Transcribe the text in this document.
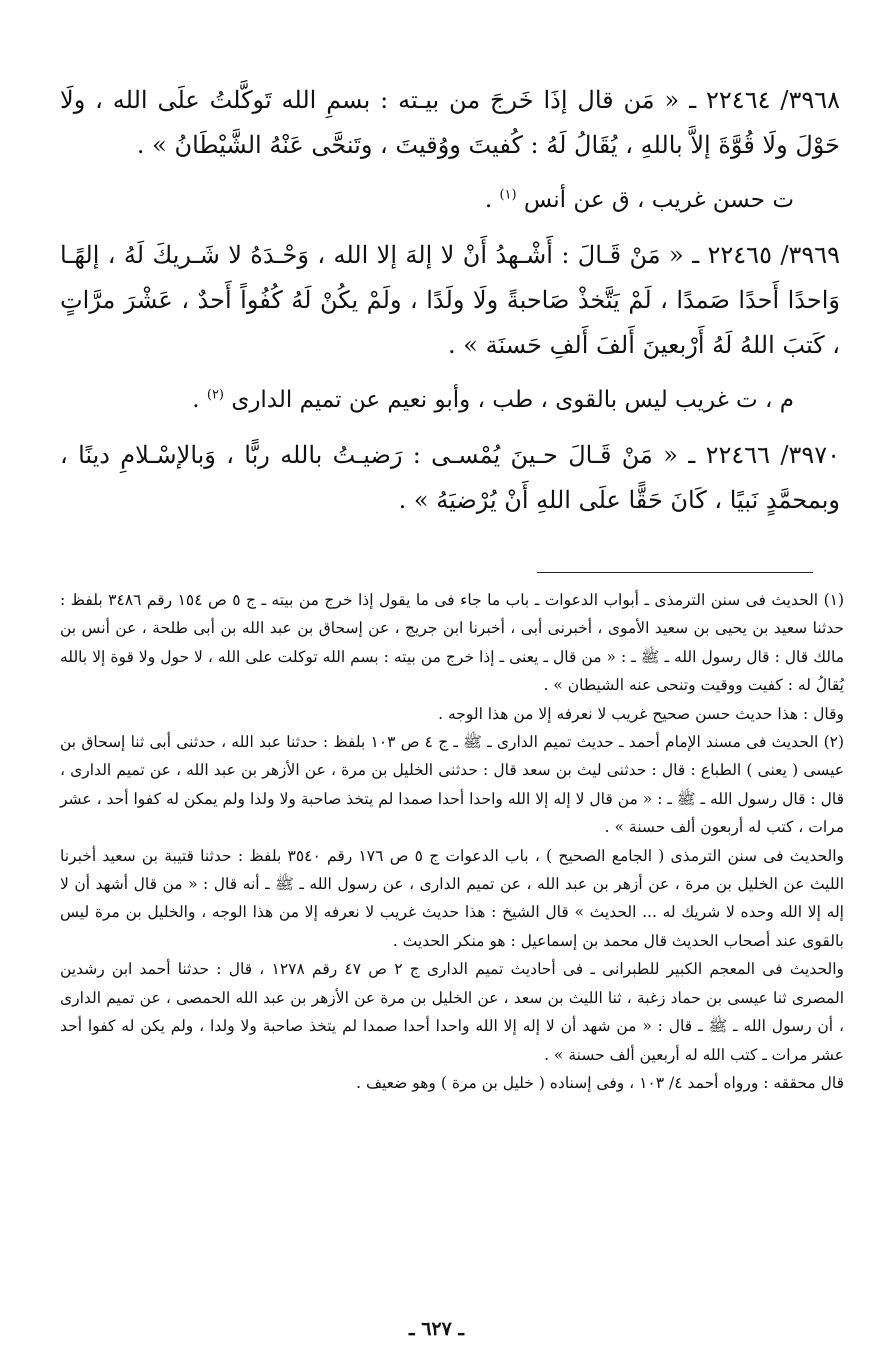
٣٩٦٨/ ٢٢٤٦٤ ـ « مَن قال إذَا خَرجَ من بيـته : بسمِ الله تَوكَّلتُ علَى الله ، ولَا حَوْلَ ولَا قُوَّةَ إلاَّ باللهِ ، يُقَالُ لَهُ : كُفيتَ ووُقيتَ ، وتَنحَّى عَنْهُ الشَّيْطَانُ » .

ت حسن غريب ، ق عن أنس $^{(١)}$ .

٣٩٦٩/ ٢٢٤٦٥ ـ « مَنْ قَـالَ : أَشْـهدُ أَنْ لا إلهَ إلا الله ، وَحْـدَهُ لا شَـريكَ لَهُ ، إلهًـا وَاحدًا أَحدًا صَمدًا ، لَمْ يَتَّخذْ صَاحبةً ولَا ولَدًا ، ولَمْ يكُنْ لَهُ كُفُواً أَحدٌ ، عَشْرَ مرَّاتٍ ، كَتبَ اللهُ لَهُ أَرْبعينَ أَلفَ أَلفِ حَسنَة » .

م ، ت غريب ليس بالقوى ، طب ، وأبو نعيم عن تميم الدارى $^{(٢)}$ .

٣٩٧٠/ ٢٢٤٦٦ ـ « مَنْ قَـالَ حـينَ يُمْسـى : رَضيـتُ بالله ربًّا ، وَبالإسْـلامِ دينًا ، وبمحمَّدٍ نَبيًا ، كَانَ حَقًّا علَى اللهِ أَنْ يُرْضيَهُ » .

(١) الحديث فى سنن الترمذى ـ أبواب الدعوات ـ باب ما جاء فى ما يقول إذا خرج من بيته ـ ج ٥ ص ١٥٤ رقم ٣٤٨٦ بلفظ : حدثنا سعيد بن يحيى بن سعيد الأموى ، أخبرنى أبى ، أخبرنا ابن جريج ، عن إسحاق بن عبد الله بن أبى طلحة ، عن أنس بن مالك قال : قال رسول الله ـ ﷺ ـ : « من قال ـ يعنى ـ إذا خرج من بيته : بسم الله توكلت على الله ، لا حول ولا قوة إلا بالله يُقالُ له : كفيت ووقيت وتنحى عنه الشيطان » .

وقال : هذا حديث حسن صحيح غريب لا نعرفه إلا من هذا الوجه .

(٢) الحديث فى مسند الإمام أحمد ـ حديث تميم الدارى ـ ﷺ ـ ج ٤ ص ١٠٣ بلفظ : حدثنا عبد الله ، حدثنى أبى ثنا إسحاق بن عيسى ( يعنى ) الطباع : قال : حدثنى ليث بن سعد قال : حدثنى الخليل بن مرة ، عن الأزهر بن عبد الله ، عن تميم الدارى ، قال : قال رسول الله ـ ﷺ ـ : « من قال لا إله إلا الله واحدا أحدا صمدا لم يتخذ صاحبة ولا ولدا ولم يمكن له كفوا أحد ، عشر مرات ، كتب له أربعون ألف حسنة » .

والحديث فى سنن الترمذى ( الجامع الصحيح ) ، باب الدعوات ج ٥ ص ١٧٦ رقم ٣٥٤٠ بلفظ : حدثنا قتيبة بن سعيد أخبرنا الليث عن الخليل بن مرة ، عن أزهر بن عبد الله ، عن تميم الدارى ، عن رسول الله ـ ﷺ ـ أنه قال : « من قال أشهد أن لا إله إلا الله وحده لا شريك له ... الحديث » قال الشيخ : هذا حديث غريب لا نعرفه إلا من هذا الوجه ، والخليل بن مرة ليس بالقوى عند أصحاب الحديث قال محمد بن إسماعيل : هو منكر الحديث .

والحديث فى المعجم الكبير للطبرانى ـ فى أحاديث تميم الدارى ج ٢ ص ٤٧ رقم ١٢٧٨ ، قال : حدثنا أحمد ابن رشدين المصرى ثنا عيسى بن حماد زغبة ، ثنا الليث بن سعد ، عن الخليل بن مرة عن الأزهر بن عبد الله الحمصى ، عن تميم الدارى ، أن رسول الله ـ ﷺ ـ قال : « من شهد أن لا إله إلا الله واحدا أحدا صمدا لم يتخذ صاحبة ولا ولدا ، ولم يكن له كفوا أحد عشر مرات ـ كتب الله له أربعين ألف حسنة » .

قال محققه : ورواه أحمد ٤/ ١٠٣ ، وفى إسناده ( خليل بن مرة ) وهو ضعيف .

ـ ٦٢٧ ـ
